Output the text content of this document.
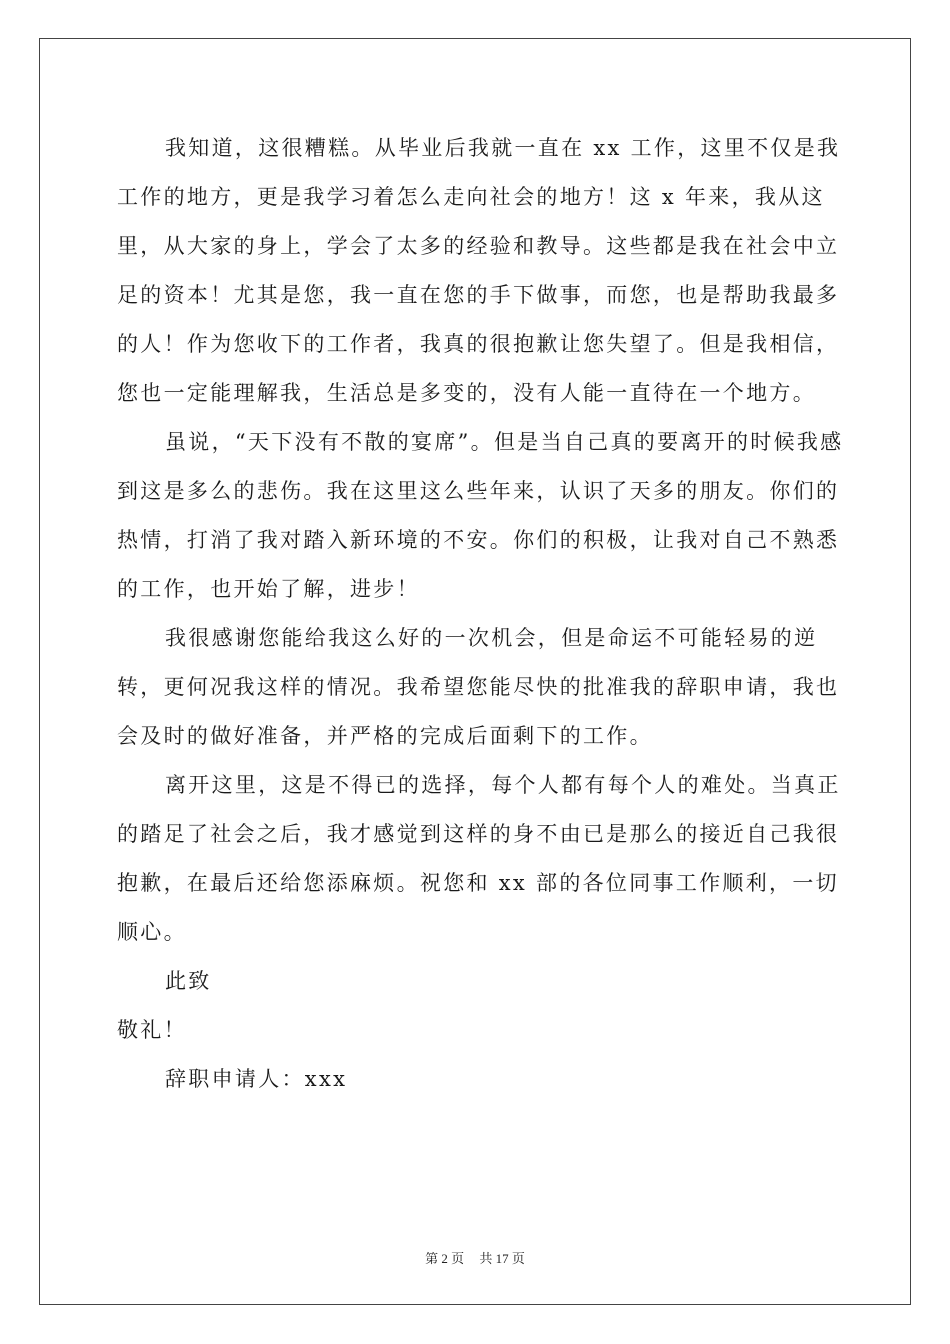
我知道，这很糟糕。从毕业后我就一直在 xx 工作，这里不仅是我工作的地方，更是我学习着怎么走向社会的地方！这 x 年来，我从这里，从大家的身上，学会了太多的经验和教导。这些都是我在社会中立足的资本！尤其是您，我一直在您的手下做事，而您，也是帮助我最多的人！作为您收下的工作者，我真的很抱歉让您失望了。但是我相信，您也一定能理解我，生活总是多变的，没有人能一直待在一个地方。

虽说，“天下没有不散的宴席”。但是当自己真的要离开的时候我感到这是多么的悲伤。我在这里这么些年来，认识了天多的朋友。你们的热情，打消了我对踏入新环境的不安。你们的积极，让我对自己不熟悉的工作，也开始了解，进步！

我很感谢您能给我这么好的一次机会，但是命运不可能轻易的逆转，更何况我这样的情况。我希望您能尽快的批准我的辞职申请，我也会及时的做好准备，并严格的完成后面剩下的工作。

离开这里，这是不得已的选择，每个人都有每个人的难处。当真正的踏足了社会之后，我才感觉到这样的身不由已是那么的接近自己我很抱歉，在最后还给您添麻烦。祝您和 xx 部的各位同事工作顺利，一切顺心。

此致

敬礼！

辞职申请人：xxx

第 2 页 共 17 页
